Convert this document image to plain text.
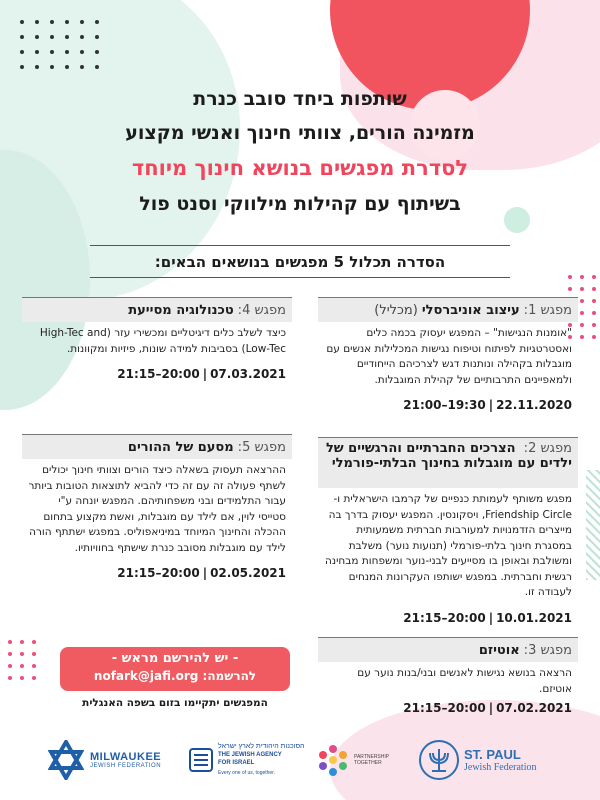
שותפות ביחד סובב כנרת
מזמינה הורים, צוותי חינוך ואנשי מקצוע
לסדרת מפגשים בנושא חינוך מיוחד
בשיתוף עם קהילות מילווקי וסנט פול
הסדרה תכלול 5 מפגשים בנושאים הבאים:
מפגש 1:
עיצוב אוניברסלי
(מכליל)
"אומנות הנגישות" – המפגש יעסוק בכמה כלים ואסטרטגיות לפיתוח וטיפוח נגישות המכלילות אנשים עם מוגבלות בקהילה ונותנות דגש לצרכיהם הייחודיים ולמאפיינים התרבותיים של קהילת המוגבלות.
22.11.2020|19:30–21:00
מפגש 2: הצרכים החברתיים והרגשיים של
ילדים עם מוגבלות בחינוך הבלתי-פורמלי
מפגש משותף לעמותת כנפיים של קרמבו הישראלית ו- Friendship Circle, ויסקונסין. המפגש יעסוק בדרך בה מייצרים הזדמנויות למעורבות חברתית משמעותית במסגרת חינוך בלתי-פורמלי (תנועות נוער) משלבת ומשולבת ובאופן בו מסייעים לבני-נוער ומשפחות מבחינה רגשית וחברתית. במפגש ישותפו העקרונות המנחים לעבודה זו.
10.01.2021|20:00–21:15
מפגש 3:
אוטיזם
הרצאה בנושא נגישות לאנשים ובני/בנות נוער עם אוטיזם.
07.02.2021|20:00–21:15
מפגש 4:
טכנולוגיה מסייעת
כיצד לשלב כלים דיגיטליים ומכשירי עזר (High-Tec and Low-Tec) בסביבות למידה שונות, פיזיות ומקוונות.
07.03.2021|20:00–21:15
מפגש 5:
מסעם של ההורים
ההרצאה תעסוק בשאלה כיצד הורים וצוותי חינוך יכולים לשתף פעולה זה עם זה כדי להביא לתוצאות הטובות ביותר עבור התלמידים ובני משפחותיהם. המפגש יונחה ע"י סטייסי לוין, אם לילד עם מוגבלות, ואשת מקצוע בתחום ההכלה והחינוך המיוחד במיניאפוליס. במפגש ישתתף הורה לילד עם מוגבלות מסובב כנרת שישתף בחוויותיו.
02.05.2021|20:00–21:15
- יש להירשם מראש -
להרשמה: nofark@jafi.org
המפגשים יתקיימו בזום בשפה האנגלית
MILWAUKEE
JEWISH FEDERATION
הסוכנות היהודית לארץ ישראל
THE JEWISH AGENCY
FOR ISRAEL
Every one of us, together.
PARTNERSHIP
TOGETHER
ST. PAUL
Jewish Federation
